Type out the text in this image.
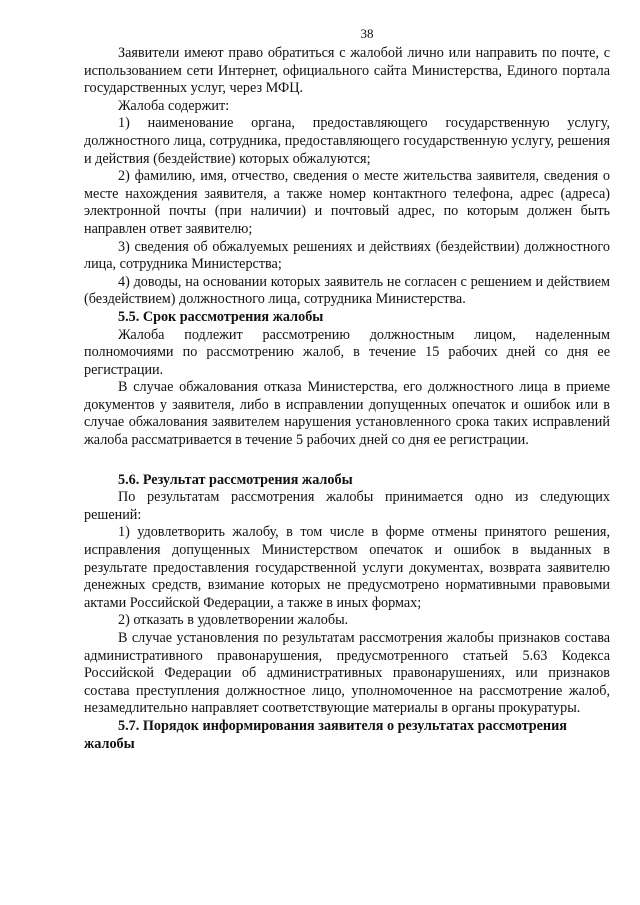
38

Заявители имеют право обратиться с жалобой лично или направить по почте, с использованием сети Интернет, официального сайта Министерства, Единого портала государственных услуг, через МФЦ.

Жалоба содержит:

1) наименование органа, предоставляющего государственную услугу, должностного лица, сотрудника, предоставляющего государственную услугу, решения и действия (бездействие) которых обжалуются;

2) фамилию, имя, отчество, сведения о месте жительства заявителя, сведения о месте нахождения заявителя, а также номер контактного телефона, адрес (адреса) электронной почты (при наличии) и почтовый адрес, по которым должен быть направлен ответ заявителю;

3) сведения об обжалуемых решениях и действиях (бездействии) должностного лица, сотрудника Министерства;

4) доводы, на основании которых заявитель не согласен с решением и действием (бездействием) должностного лица, сотрудника Министерства.

5.5. Срок рассмотрения жалобы

Жалоба подлежит рассмотрению должностным лицом, наделенным полномочиями по рассмотрению жалоб, в течение 15 рабочих дней со дня ее регистрации.

В случае обжалования отказа Министерства, его должностного лица в приеме документов у заявителя, либо в исправлении допущенных опечаток и ошибок или в случае обжалования заявителем нарушения установленного срока таких исправлений жалоба рассматривается в течение 5 рабочих дней со дня ее регистрации.

5.6. Результат рассмотрения жалобы

По результатам рассмотрения жалобы принимается одно из следующих решений:

1) удовлетворить жалобу, в том числе в форме отмены принятого решения, исправления допущенных Министерством опечаток и ошибок в выданных в результате предоставления государственной услуги документах, возврата заявителю денежных средств, взимание которых не предусмотрено нормативными правовыми актами Российской Федерации, а также в иных формах;

2) отказать в удовлетворении жалобы.

В случае установления по результатам рассмотрения жалобы признаков состава административного правонарушения, предусмотренного статьей 5.63 Кодекса Российской Федерации об административных правонарушениях, или признаков состава преступления должностное лицо, уполномоченное на рассмотрение жалоб, незамедлительно направляет соответствующие материалы в органы прокуратуры.

5.7. Порядок информирования заявителя о результатах рассмотрения жалобы
